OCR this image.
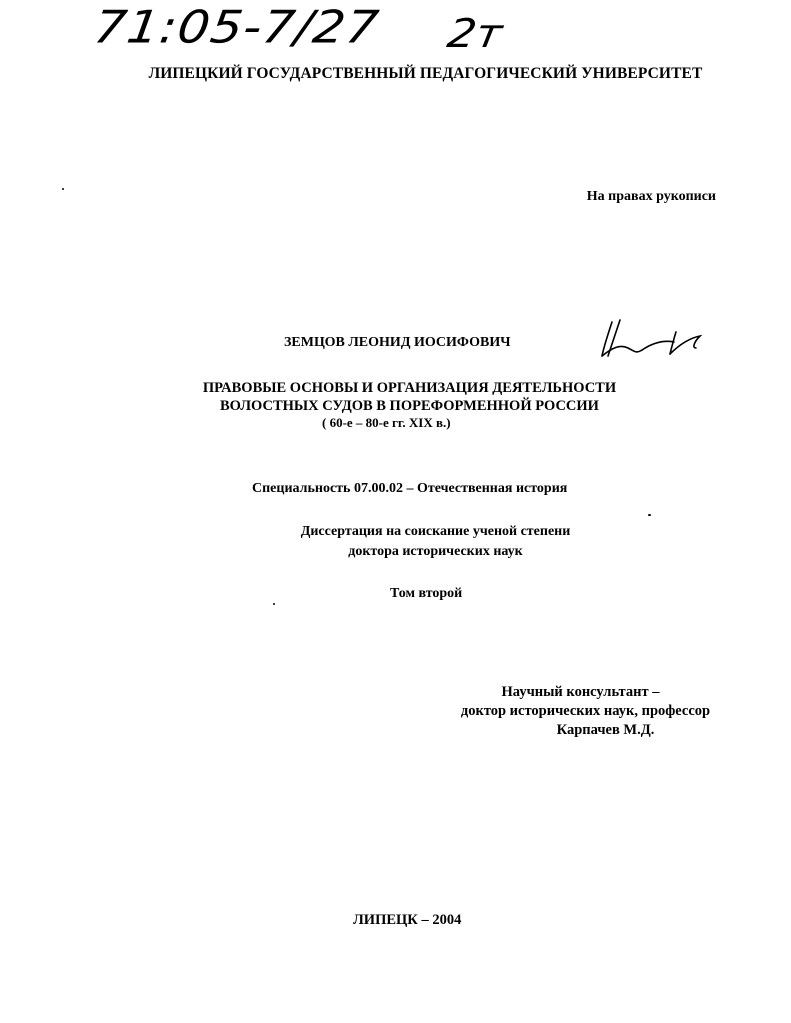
71:05-7/27 2т
ЛИПЕЦКИЙ ГОСУДАРСТВЕННЫЙ ПЕДАГОГИЧЕСКИЙ УНИВЕРСИТЕТ
На правах рукописи
ЗЕМЦОВ ЛЕОНИД ИОСИФОВИЧ
ПРАВОВЫЕ ОСНОВЫ И ОРГАНИЗАЦИЯ ДЕЯТЕЛЬНОСТИ
ВОЛОСТНЫХ СУДОВ В ПОРЕФОРМЕННОЙ РОССИИ
( 60-е – 80-е гг. XIX в.)
Специальность 07.00.02 – Отечественная история
Диссертация на соискание ученой степени
доктора исторических наук
Том второй
Научный консультант –
доктор исторических наук, профессор
Карпачев М.Д.
ЛИПЕЦК – 2004
